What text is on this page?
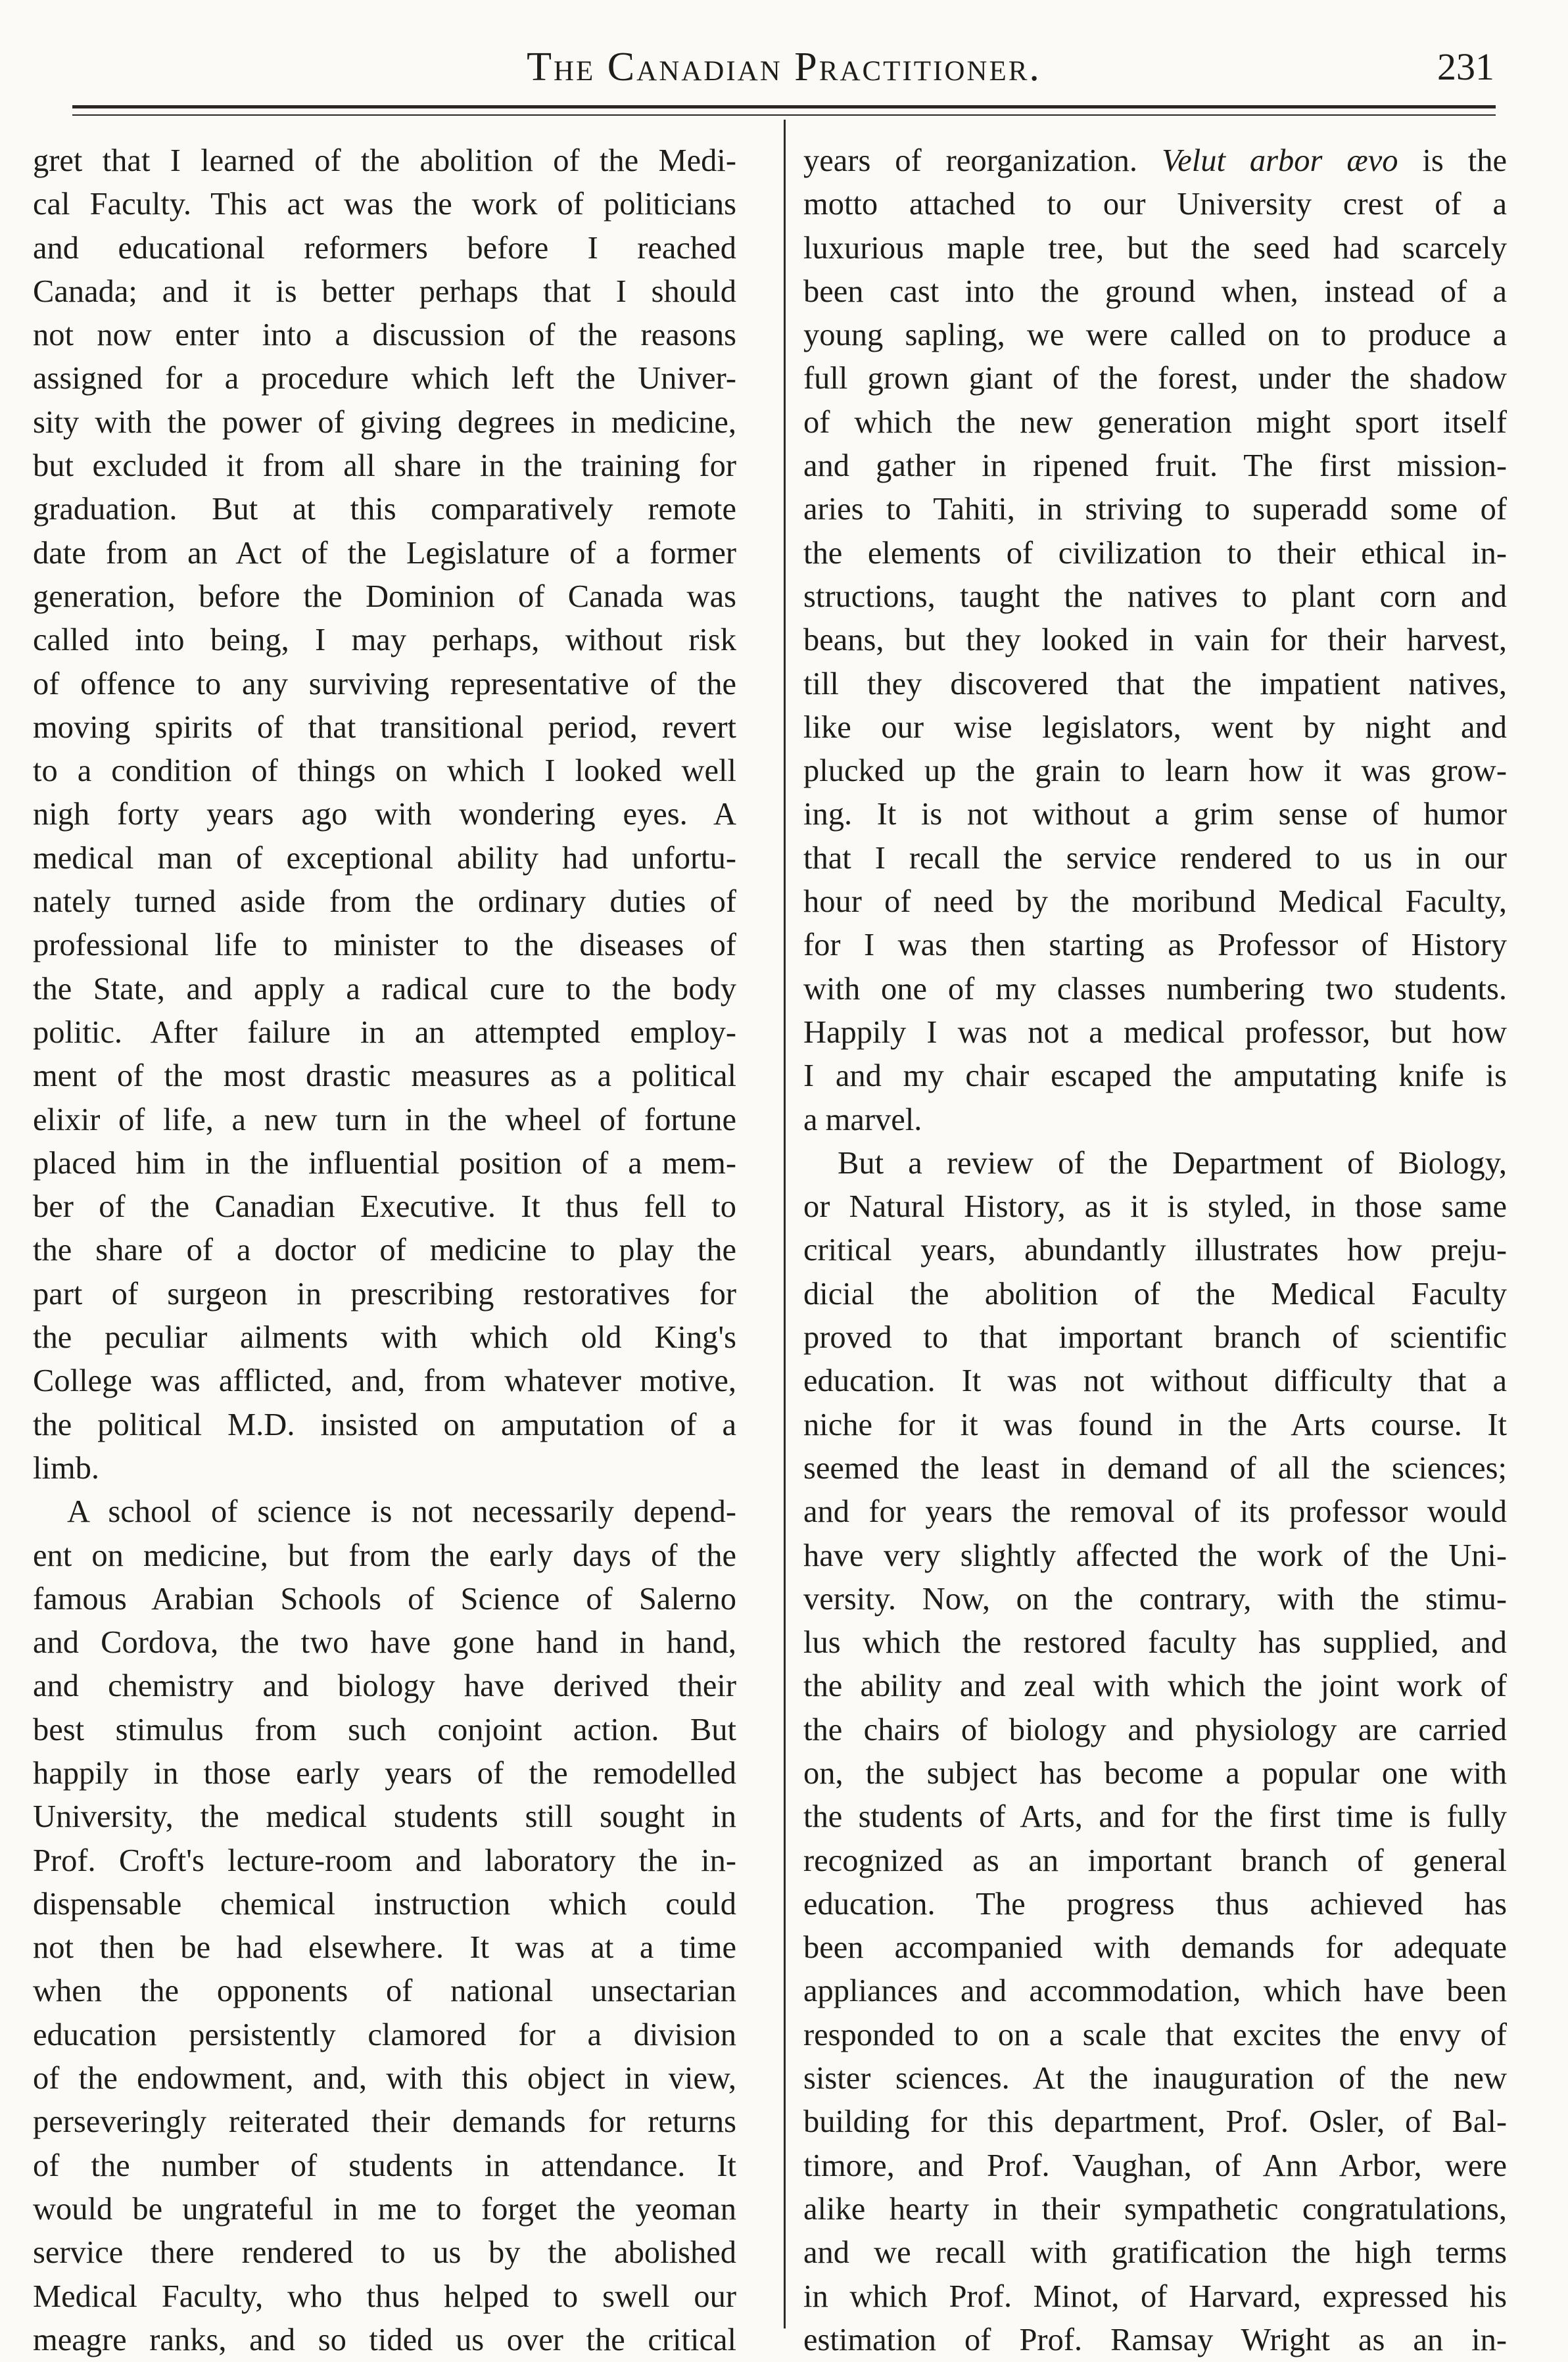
The Canadian Practitioner.	231
gret that I learned of the abolition of the Medi-
cal Faculty. This act was the work of politicians
and educational reformers before I reached
Canada; and it is better perhaps that I should
not now enter into a discussion of the reasons
assigned for a procedure which left the Univer-
sity with the power of giving degrees in medicine,
but excluded it from all share in the training for
graduation. But at this comparatively remote
date from an Act of the Legislature of a former
generation, before the Dominion of Canada was
called into being, I may perhaps, without risk
of offence to any surviving representative of the
moving spirits of that transitional period, revert
to a condition of things on which I looked well
nigh forty years ago with wondering eyes. A
medical man of exceptional ability had unfortu-
nately turned aside from the ordinary duties of
professional life to minister to the diseases of
the State, and apply a radical cure to the body
politic. After failure in an attempted employ-
ment of the most drastic measures as a political
elixir of life, a new turn in the wheel of fortune
placed him in the influential position of a mem-
ber of the Canadian Executive. It thus fell to
the share of a doctor of medicine to play the
part of surgeon in prescribing restoratives for
the peculiar ailments with which old King's
College was afflicted, and, from whatever motive,
the political M.D. insisted on amputation of a
limb.
A school of science is not necessarily depend-
ent on medicine, but from the early days of the
famous Arabian Schools of Science of Salerno
and Cordova, the two have gone hand in hand,
and chemistry and biology have derived their
best stimulus from such conjoint action. But
happily in those early years of the remodelled
University, the medical students still sought in
Prof. Croft's lecture-room and laboratory the in-
dispensable chemical instruction which could
not then be had elsewhere. It was at a time
when the opponents of national unsectarian
education persistently clamored for a division
of the endowment, and, with this object in view,
perseveringly reiterated their demands for returns
of the number of students in attendance. It
would be ungrateful in me to forget the yeoman
service there rendered to us by the abolished
Medical Faculty, who thus helped to swell our
meagre ranks, and so tided us over the critical
years of reorganization. Velut arbor ævo is the
motto attached to our University crest of a
luxurious maple tree, but the seed had scarcely
been cast into the ground when, instead of a
young sapling, we were called on to produce a
full grown giant of the forest, under the shadow
of which the new generation might sport itself
and gather in ripened fruit. The first mission-
aries to Tahiti, in striving to superadd some of
the elements of civilization to their ethical in-
structions, taught the natives to plant corn and
beans, but they looked in vain for their harvest,
till they discovered that the impatient natives,
like our wise legislators, went by night and
plucked up the grain to learn how it was grow-
ing. It is not without a grim sense of humor
that I recall the service rendered to us in our
hour of need by the moribund Medical Faculty,
for I was then starting as Professor of History
with one of my classes numbering two students.
Happily I was not a medical professor, but how
I and my chair escaped the amputating knife is
a marvel.
But a review of the Department of Biology,
or Natural History, as it is styled, in those same
critical years, abundantly illustrates how preju-
dicial the abolition of the Medical Faculty
proved to that important branch of scientific
education. It was not without difficulty that a
niche for it was found in the Arts course. It
seemed the least in demand of all the sciences;
and for years the removal of its professor would
have very slightly affected the work of the Uni-
versity. Now, on the contrary, with the stimu-
lus which the restored faculty has supplied, and
the ability and zeal with which the joint work of
the chairs of biology and physiology are carried
on, the subject has become a popular one with
the students of Arts, and for the first time is fully
recognized as an important branch of general
education. The progress thus achieved has
been accompanied with demands for adequate
appliances and accommodation, which have been
responded to on a scale that excites the envy of
sister sciences. At the inauguration of the new
building for this department, Prof. Osler, of Bal-
timore, and Prof. Vaughan, of Ann Arbor, were
alike hearty in their sympathetic congratulations,
and we recall with gratification the high terms
in which Prof. Minot, of Harvard, expressed his
estimation of Prof. Ramsay Wright as an in-
